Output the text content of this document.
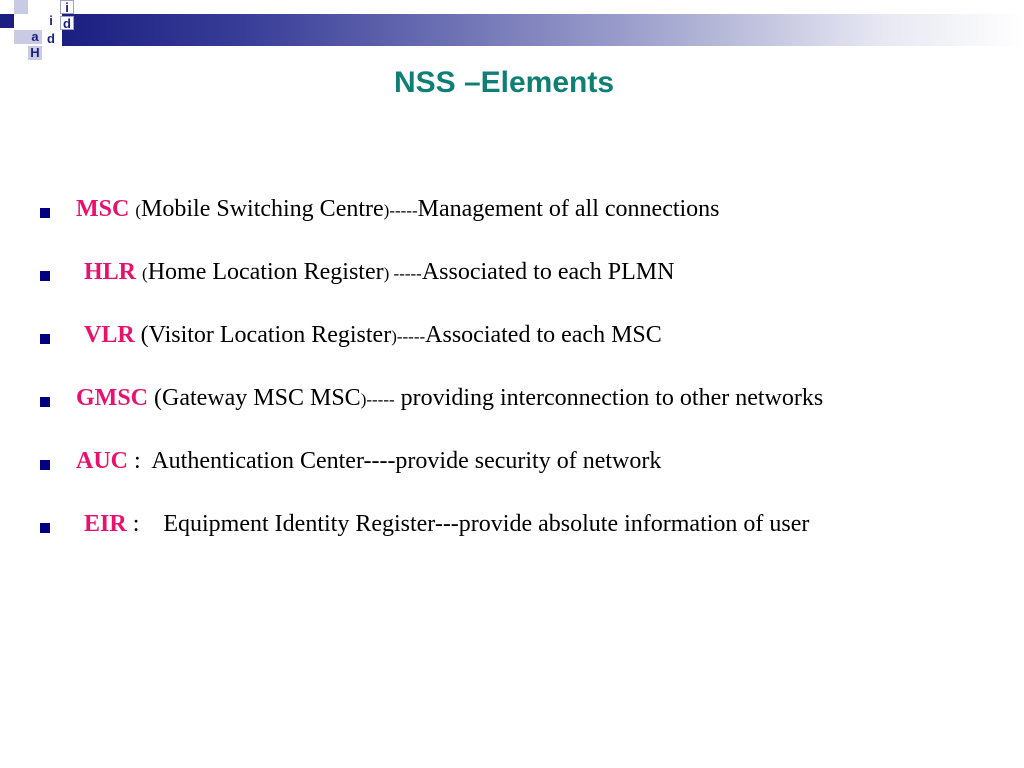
i
d
a
i
d
H
NSS –Elements
MSC (Mobile Switching Centre)-----Management of all connections
HLR (Home Location Register) -----Associated to each PLMN
VLR (Visitor Location Register)-----Associated to each MSC
GMSC (Gateway MSC MSC)----- providing interconnection to other networks
AUC :  Authentication Center----provide security of network
EIR :    Equipment Identity Register---provide absolute information of user
